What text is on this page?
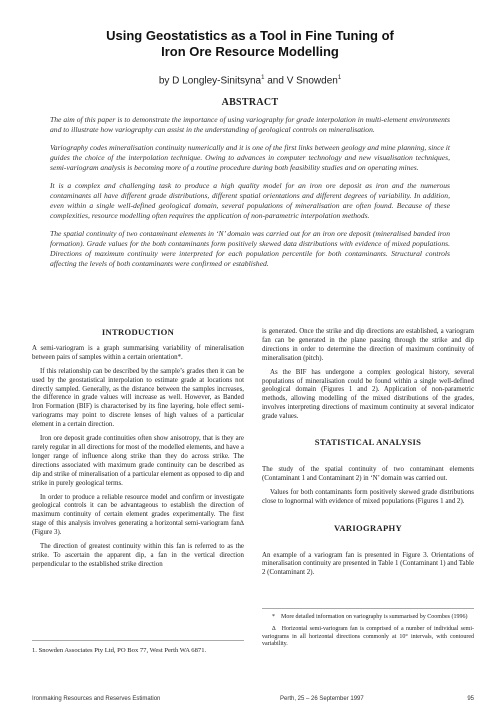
Using Geostatistics as a Tool in Fine Tuning of
Iron Ore Resource Modelling
by D Longley-Sinitsyna$^1$ and V Snowden$^1$
ABSTRACT

The aim of this paper is to demonstrate the importance of using variography for grade interpolation in multi-element environments and to illustrate how variography can assist in the understanding of geological controls on mineralisation.

Variography codes mineralisation continuity numerically and it is one of the first links between geology and mine planning, since it guides the choice of the interpolation technique. Owing to advances in computer technology and new visualisation techniques, semi-variogram analysis is becoming more of a routine procedure during both feasibility studies and on operating mines.

It is a complex and challenging task to produce a high quality model for an iron ore deposit as iron and the numerous contaminants all have different grade distributions, different spatial orientations and different degrees of variability. In addition, even within a single well-defined geological domain, several populations of mineralisation are often found. Because of these complexities, resource modelling often requires the application of non-parametric interpolation methods.

The spatial continuity of two contaminant elements in ‘N’ domain was carried out for an iron ore deposit (mineralised banded iron formation). Grade values for the both contaminants form positively skewed data distributions with evidence of mixed populations. Directions of maximum continuity were interpreted for each population percentile for both contaminants. Structural controls affecting the levels of both contaminants were confirmed or established.

INTRODUCTION

A semi-variogram is a graph summarising variability of mineralisation between pairs of samples within a certain orientation*.

If this relationship can be described by the sample’s grades then it can be used by the geostatistical interpolation to estimate grade at locations not directly sampled. Generally, as the distance between the samples increases, the difference in grade values will increase as well. However, as Banded Iron Formation (BIF) is characterised by its fine layering, hole effect semi-variograms may point to discrete lenses of high values of a particular element in a certain direction.

Iron ore deposit grade continuities often show anisotropy, that is they are rarely regular in all directions for most of the modelled elements, and have a longer range of influence along strike than they do across strike. The directions associated with maximum grade continuity can be described as dip and strike of mineralisation of a particular element as opposed to dip and strike in purely geological terms.

In order to produce a reliable resource model and confirm or investigate geological controls it can be advantageous to establish the direction of maximum continuity of certain element grades experimentally. The first stage of this analysis involves generating a horizontal semi-variogram fan∆ (Figure 3).

The direction of greatest continuity within this fan is referred to as the strike. To ascertain the apparent dip, a fan in the vertical direction perpendicular to the established strike direction

is generated. Once the strike and dip directions are established, a variogram fan can be generated in the plane passing through the strike and dip directions in order to determine the direction of maximum continuity of mineralisation (pitch).

As the BIF has undergone a complex geological history, several populations of mineralisation could be found within a single well-defined geological domain (Figures 1 and 2). Application of non-parametric methods, allowing modelling of the mixed distributions of the grades, involves interpreting directions of maximum continuity at several indicator grade values.

STATISTICAL ANALYSIS

The study of the spatial continuity of two contaminant elements (Contaminant 1 and Contaminant 2) in ‘N’ domain was carried out.

Values for both contaminants form positively skewed grade distributions close to lognormal with evidence of mixed populations (Figures 1 and 2).

VARIOGRAPHY

An example of a variogram fan is presented in Figure 3. Orientations of mineralisation continuity are presented in Table 1 (Contaminant 1) and Table 2 (Contaminant 2).

1. Snowden Associates Pty Ltd, PO Box 77, West Perth WA 6871.

* More detailed information on variography is summarised by Coombes (1996)

∆ Horizontal semi-variogram fan is comprised of a number of individual semi-variograms in all horizontal directions commonly at 10° intervals, with contoured variability.

Ironmaking Resources and Reserves Estimation	Perth, 25 – 26 September 1997	95
